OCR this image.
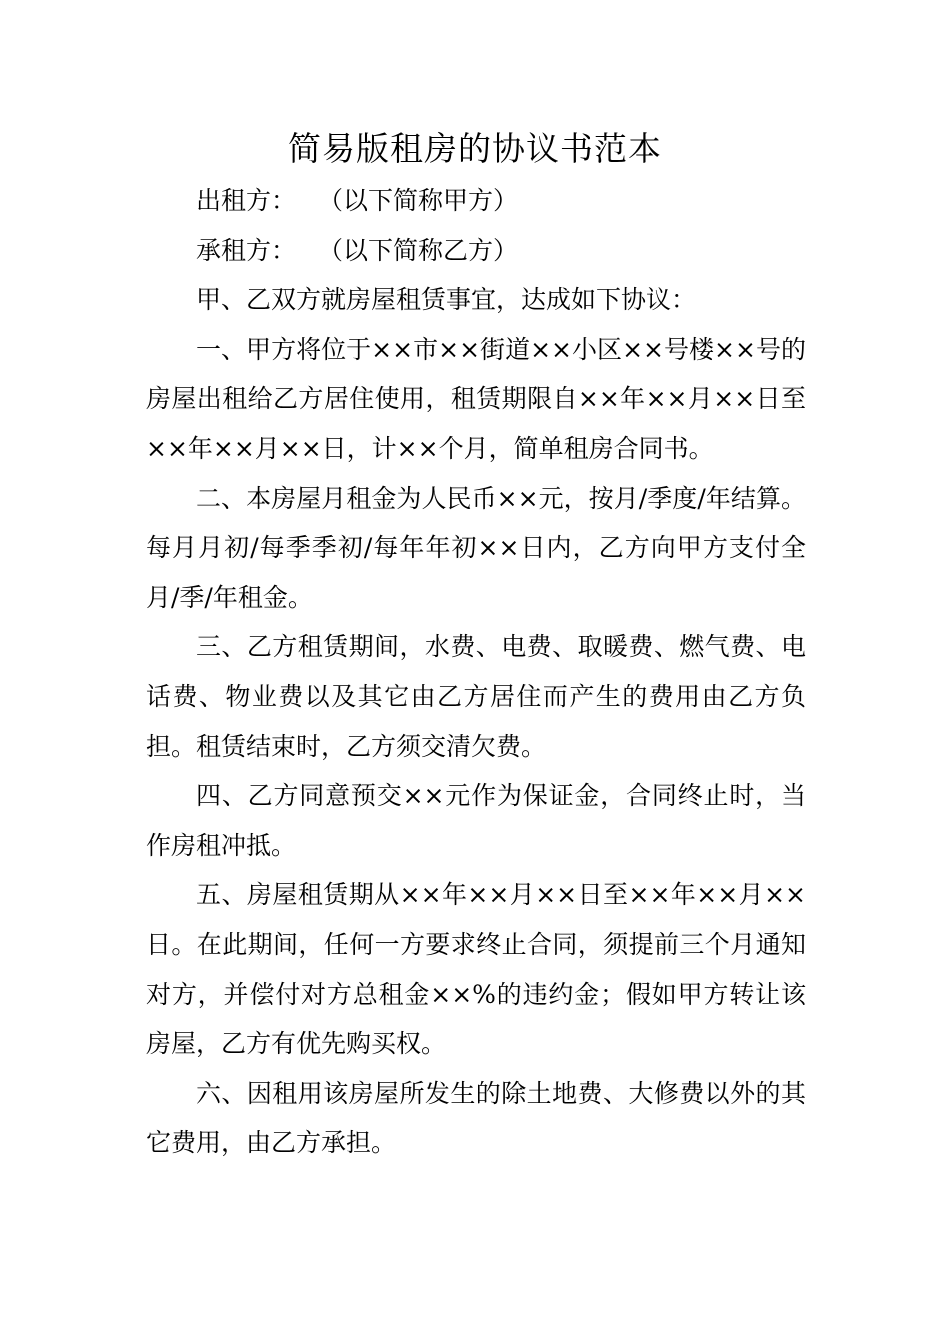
简易版租房的协议书范本

出租方： （以下简称甲方）

承租方： （以下简称乙方）

甲、乙双方就房屋租赁事宜，达成如下协议：

一、甲方将位于××市××街道××小区××号楼××号的房屋出租给乙方居住使用，租赁期限自××年××月××日至××年××月××日，计××个月，简单租房合同书。

二、本房屋月租金为人民币××元，按月/季度/年结算。每月月初/每季季初/每年年初××日内，乙方向甲方支付全月/季/年租金。

三、乙方租赁期间，水费、电费、取暖费、燃气费、电话费、物业费以及其它由乙方居住而产生的费用由乙方负担。租赁结束时，乙方须交清欠费。

四、乙方同意预交××元作为保证金，合同终止时，当作房租冲抵。

五、房屋租赁期从××年××月××日至××年××月××日。在此期间，任何一方要求终止合同，须提前三个月通知对方，并偿付对方总租金××%的违约金；假如甲方转让该房屋，乙方有优先购买权。

六、因租用该房屋所发生的除土地费、大修费以外的其它费用，由乙方承担。
